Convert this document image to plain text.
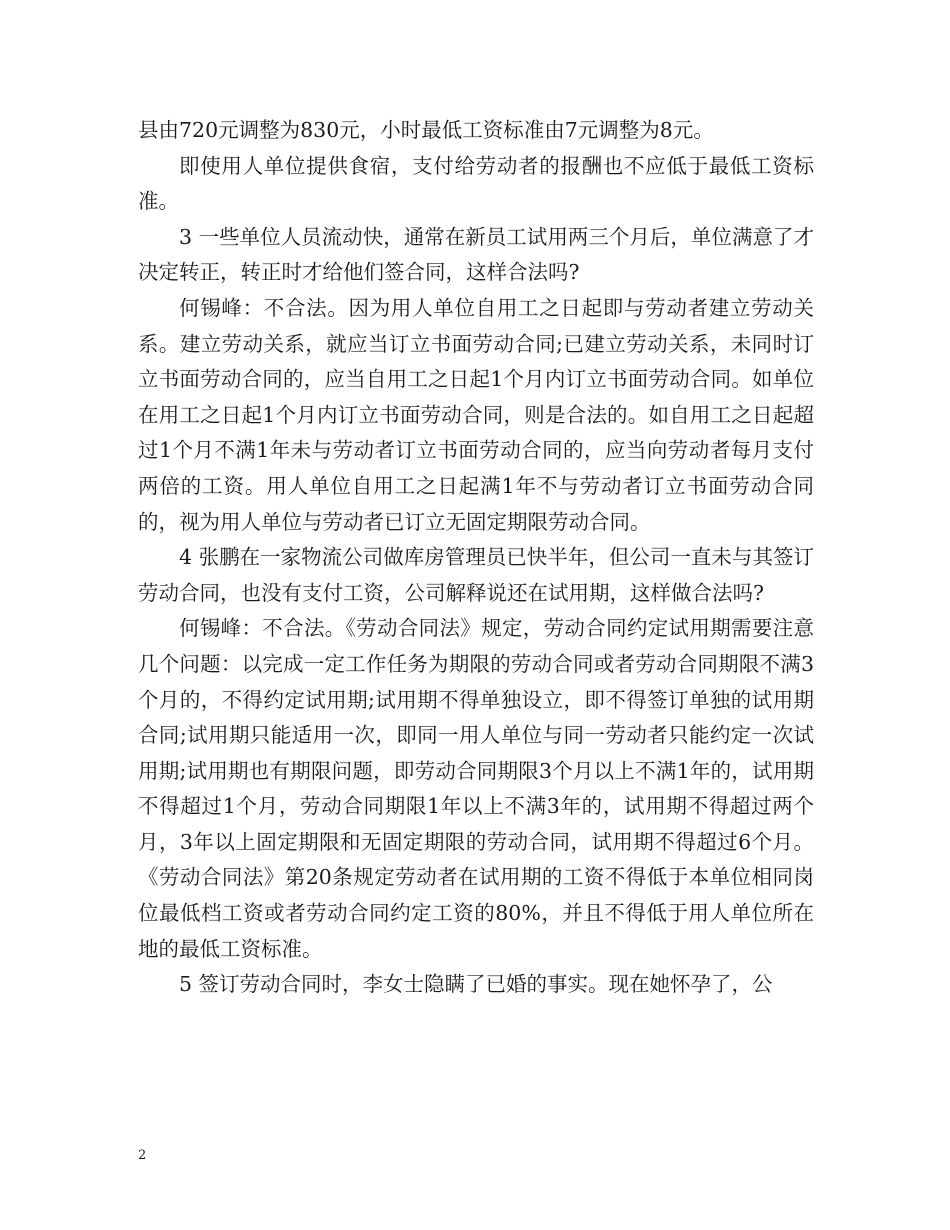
县由720元调整为830元，小时最低工资标准由7元调整为8元。

即使用人单位提供食宿，支付给劳动者的报酬也不应低于最低工资标准。

3 一些单位人员流动快，通常在新员工试用两三个月后，单位满意了才决定转正，转正时才给他们签合同，这样合法吗?

何锡峰：不合法。因为用人单位自用工之日起即与劳动者建立劳动关系。建立劳动关系，就应当订立书面劳动合同;已建立劳动关系，未同时订立书面劳动合同的，应当自用工之日起1个月内订立书面劳动合同。如单位在用工之日起1个月内订立书面劳动合同，则是合法的。如自用工之日起超过1个月不满1年未与劳动者订立书面劳动合同的，应当向劳动者每月支付两倍的工资。用人单位自用工之日起满1年不与劳动者订立书面劳动合同的，视为用人单位与劳动者已订立无固定期限劳动合同。

4 张鹏在一家物流公司做库房管理员已快半年，但公司一直未与其签订劳动合同，也没有支付工资，公司解释说还在试用期，这样做合法吗?

何锡峰：不合法。《劳动合同法》规定，劳动合同约定试用期需要注意几个问题：以完成一定工作任务为期限的劳动合同或者劳动合同期限不满3个月的，不得约定试用期;试用期不得单独设立，即不得签订单独的试用期合同;试用期只能适用一次，即同一用人单位与同一劳动者只能约定一次试用期;试用期也有期限问题，即劳动合同期限3个月以上不满1年的，试用期不得超过1个月，劳动合同期限1年以上不满3年的，试用期不得超过两个月，3年以上固定期限和无固定期限的劳动合同，试用期不得超过6个月。《劳动合同法》第20条规定劳动者在试用期的工资不得低于本单位相同岗位最低档工资或者劳动合同约定工资的80%，并且不得低于用人单位所在地的最低工资标准。

5 签订劳动合同时，李女士隐瞒了已婚的事实。现在她怀孕了，公

2
